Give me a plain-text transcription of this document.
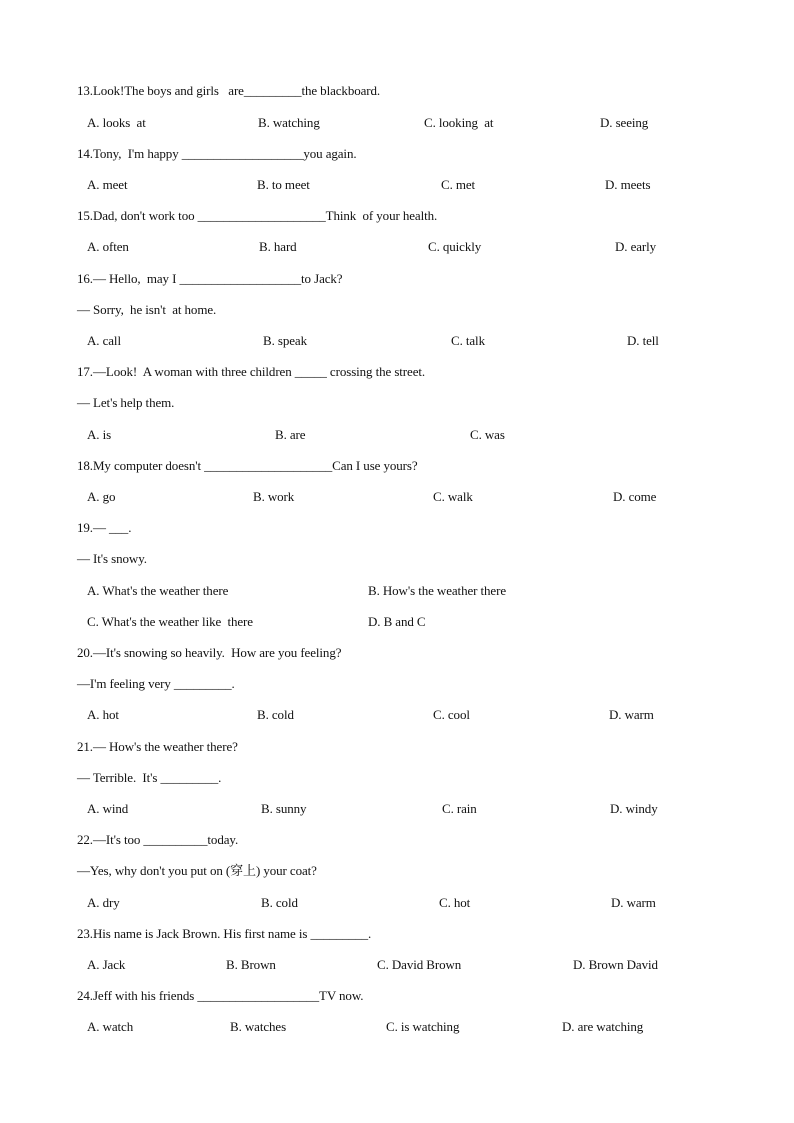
13.Look!The boys and girls   are_________the blackboard.
A. looks  at	B. watching	C. looking  at	D. seeing
14.Tony,  I'm happy ___________________you again.
A. meet	B. to meet	C. met	D. meets
15.Dad, don't work too ____________________Think  of your health.
A. often	B. hard	C. quickly	D. early
16.— Hello,  may I ___________________to Jack?
— Sorry,  he isn't  at home.
A. call	B. speak	C. talk	D. tell
17.—Look!  A woman with three children _____ crossing the street.
— Let's help them.
A. is	B. are	C. was
18.My computer doesn't ____________________Can I use yours?
A. go	B. work	C. walk	D. come
19.— ___.
— It's snowy.
A. What's the weather there	B. How's the weather there
C. What's the weather like  there	D. B and C
20.—It's snowing so heavily.  How are you feeling?
—I'm feeling very _________.
A. hot	B. cold	C. cool	D. warm
21.— How's the weather there?
— Terrible.  It's _________.
A. wind	B. sunny	C. rain	D. windy
22.—It's too __________today.
—Yes, why don't you put on (穿上) your coat?
A. dry	B. cold	C. hot	D. warm
23.His name is Jack Brown. His first name is _________.
A. Jack	B. Brown	C. David Brown	D. Brown David
24.Jeff with his friends ___________________TV now.
A. watch	B. watches	C. is watching	D. are watching
